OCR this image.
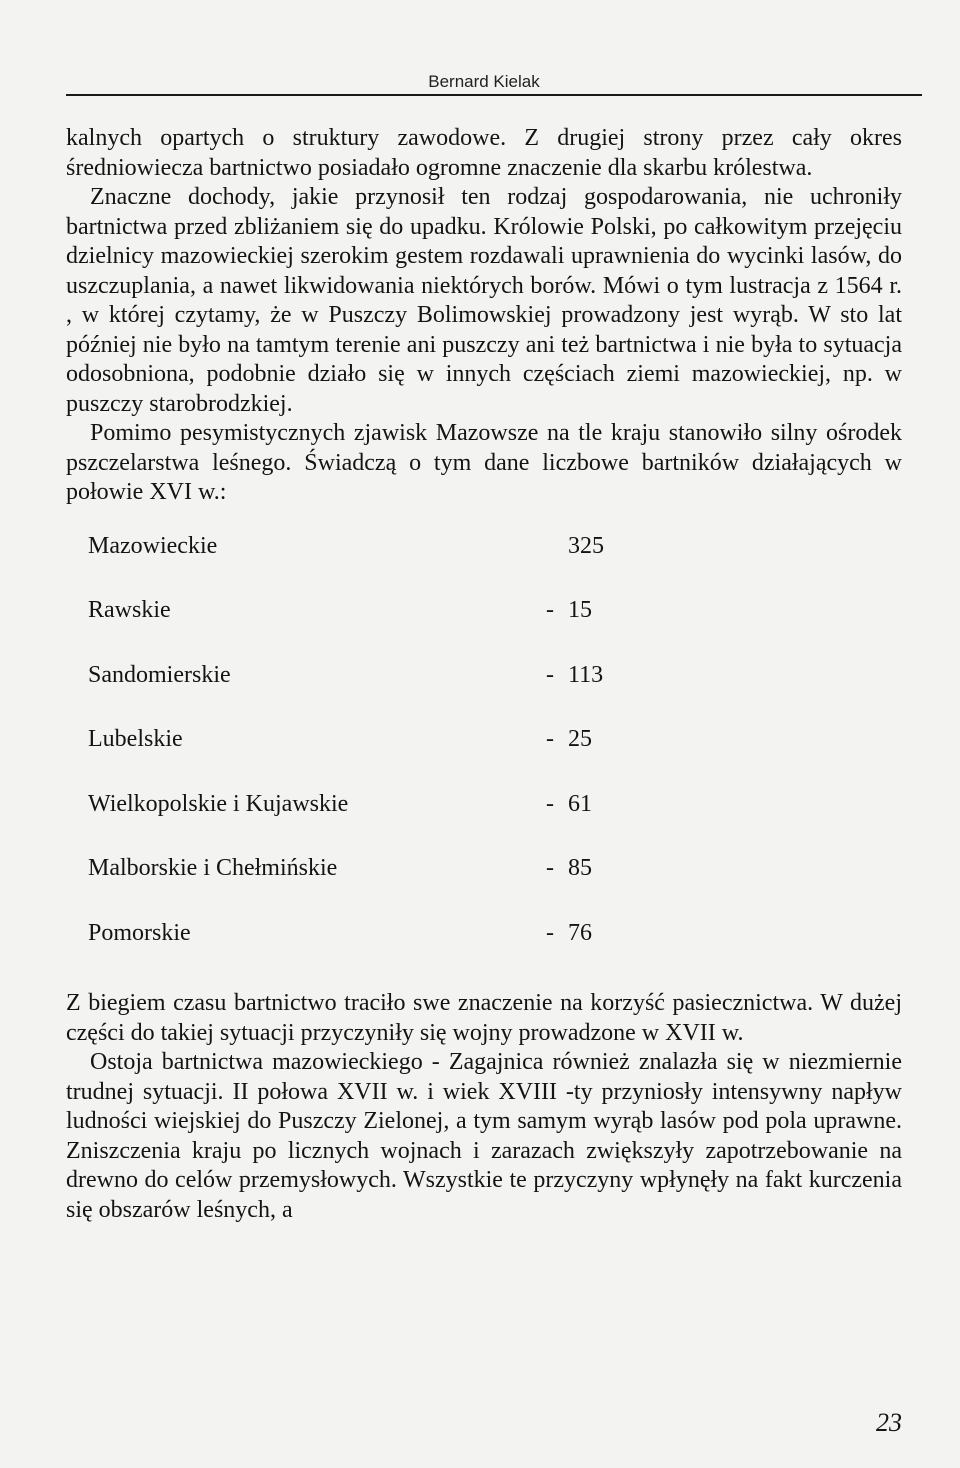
Bernard Kielak

kalnych opartych o struktury zawodowe. Z drugiej strony przez cały okres średniowiecza bartnictwo posiadało ogromne znaczenie dla skarbu królestwa.

Znaczne dochody, jakie przynosił ten rodzaj gospodarowania, nie uchroniły bartnictwa przed zbliżaniem się do upadku. Królowie Polski, po całkowitym przejęciu dzielnicy mazowieckiej szerokim gestem rozdawali uprawnienia do wycinki lasów, do uszczuplania, a nawet likwidowania niektórych borów. Mówi o tym lustracja z 1564 r. , w której czytamy, że w Puszczy Bolimowskiej prowadzony jest wyrąb. W sto lat później nie było na tamtym terenie ani puszczy ani też bartnictwa i nie była to sytuacja odosobniona, podobnie działo się w innych częściach ziemi mazowieckiej, np. w puszczy starobrodzkiej.

Pomimo pesymistycznych zjawisk Mazowsze na tle kraju stanowiło silny ośrodek pszczelarstwa leśnego. Świadczą o tym dane liczbowe bartników działających w połowie XVI w.:

Mazowieckie		325
Rawskie	-	15
Sandomierskie	-	113
Lubelskie	-	25
Wielkopolskie i Kujawskie	-	61
Malborskie i Chełmińskie	-	85
Pomorskie	-	76

Z biegiem czasu bartnictwo traciło swe znaczenie na korzyść pasiecznictwa. W dużej części do takiej sytuacji przyczyniły się wojny prowadzone w XVII w.

Ostoja bartnictwa mazowieckiego - Zagajnica również znalazła się w niezmiernie trudnej sytuacji. II połowa XVII w. i wiek XVIII -ty przyniosły intensywny napływ ludności wiejskiej do Puszczy Zielonej, a tym samym wyrąb lasów pod pola uprawne. Zniszczenia kraju po licznych wojnach i zarazach zwiększyły zapotrzebowanie na drewno do celów przemysłowych. Wszystkie te przyczyny wpłynęły na fakt kurczenia się obszarów leśnych, a

23
